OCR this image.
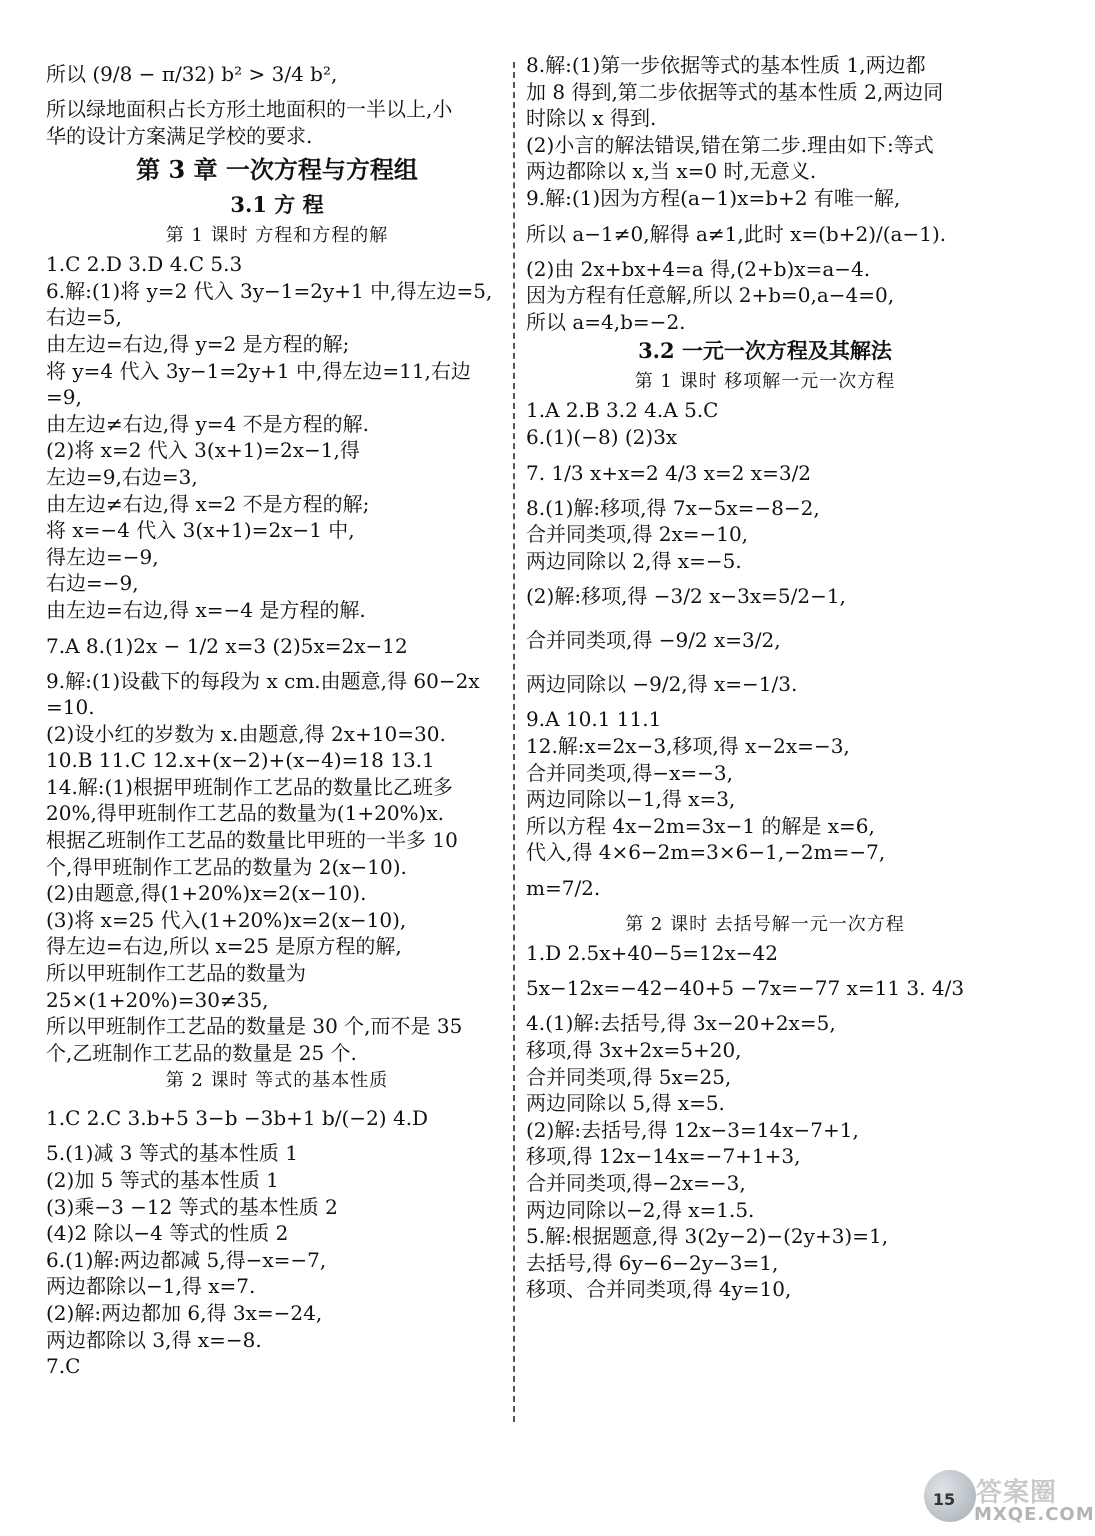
所以 (9/8 − π/32) b² > 3/4 b²,
所以绿地面积占长方形土地面积的一半以上,小
华的设计方案满足学校的要求.
第 3 章 一次方程与方程组
3.1 方 程
第 1 课时 方程和方程的解
1.C 2.D 3.D 4.C 5.3
6.解:(1)将 y=2 代入 3y−1=2y+1 中,得左边=5,
右边=5,
由左边=右边,得 y=2 是方程的解;
将 y=4 代入 3y−1=2y+1 中,得左边=11,右边
=9,
由左边≠右边,得 y=4 不是方程的解.
(2)将 x=2 代入 3(x+1)=2x−1,得
左边=9,右边=3,
由左边≠右边,得 x=2 不是方程的解;
将 x=−4 代入 3(x+1)=2x−1 中,
得左边=−9,
右边=−9,
由左边=右边,得 x=−4 是方程的解.
7.A 8.(1)2x − 1/2 x=3 (2)5x=2x−12
9.解:(1)设截下的每段为 x cm.由题意,得 60−2x
=10.
(2)设小红的岁数为 x.由题意,得 2x+10=30.
10.B 11.C 12.x+(x−2)+(x−4)=18 13.1
14.解:(1)根据甲班制作工艺品的数量比乙班多
20%,得甲班制作工艺品的数量为(1+20%)x.
根据乙班制作工艺品的数量比甲班的一半多 10
个,得甲班制作工艺品的数量为 2(x−10).
(2)由题意,得(1+20%)x=2(x−10).
(3)将 x=25 代入(1+20%)x=2(x−10),
得左边=右边,所以 x=25 是原方程的解,
所以甲班制作工艺品的数量为
25×(1+20%)=30≠35,
所以甲班制作工艺品的数量是 30 个,而不是 35
个,乙班制作工艺品的数量是 25 个.
第 2 课时 等式的基本性质
1.C 2.C 3.b+5 3−b −3b+1 b/(−2) 4.D
5.(1)减 3 等式的基本性质 1
(2)加 5 等式的基本性质 1
(3)乘−3 −12 等式的基本性质 2
(4)2 除以−4 等式的性质 2
6.(1)解:两边都减 5,得−x=−7,
两边都除以−1,得 x=7.
(2)解:两边都加 6,得 3x=−24,
两边都除以 3,得 x=−8.
7.C
8.解:(1)第一步依据等式的基本性质 1,两边都
加 8 得到,第二步依据等式的基本性质 2,两边同
时除以 x 得到.
(2)小言的解法错误,错在第二步.理由如下:等式
两边都除以 x,当 x=0 时,无意义.
9.解:(1)因为方程(a−1)x=b+2 有唯一解,
所以 a−1≠0,解得 a≠1,此时 x=(b+2)/(a−1).
(2)由 2x+bx+4=a 得,(2+b)x=a−4.
因为方程有任意解,所以 2+b=0,a−4=0,
所以 a=4,b=−2.
3.2 一元一次方程及其解法
第 1 课时 移项解一元一次方程
1.A 2.B 3.2 4.A 5.C
6.(1)(−8) (2)3x
7. 1/3 x+x=2 4/3 x=2 x=3/2
8.(1)解:移项,得 7x−5x=−8−2,
合并同类项,得 2x=−10,
两边同除以 2,得 x=−5.
(2)解:移项,得 −3/2 x−3x=5/2−1,
合并同类项,得 −9/2 x=3/2,
两边同除以 −9/2,得 x=−1/3.
9.A 10.1 11.1
12.解:x=2x−3,移项,得 x−2x=−3,
合并同类项,得−x=−3,
两边同除以−1,得 x=3,
所以方程 4x−2m=3x−1 的解是 x=6,
代入,得 4×6−2m=3×6−1,−2m=−7,
m=7/2.
第 2 课时 去括号解一元一次方程
1.D 2.5x+40−5=12x−42
5x−12x=−42−40+5 −7x=−77 x=11 3. 4/3
4.(1)解:去括号,得 3x−20+2x=5,
移项,得 3x+2x=5+20,
合并同类项,得 5x=25,
两边同除以 5,得 x=5.
(2)解:去括号,得 12x−3=14x−7+1,
移项,得 12x−14x=−7+1+3,
合并同类项,得−2x=−3,
两边同除以−2,得 x=1.5.
5.解:根据题意,得 3(2y−2)−(2y+3)=1,
去括号,得 6y−6−2y−3=1,
移项、合并同类项,得 4y=10,
答案圈
MXQE.COM
15
